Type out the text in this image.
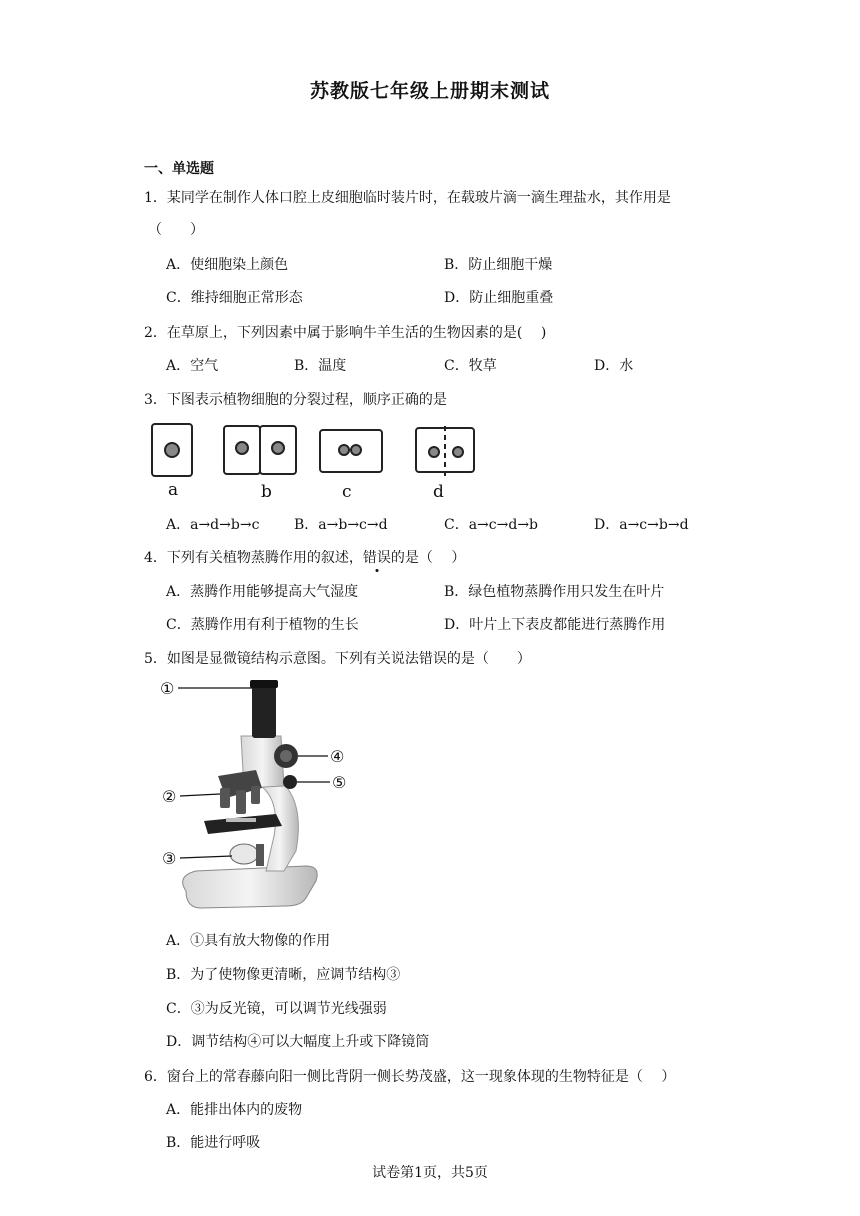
苏教版七年级上册期末测试
一、单选题
1．某同学在制作人体口腔上皮细胞临时装片时，在载玻片滴一滴生理盐水，其作用是
（　　）
A．使细胞染上颜色	B．防止细胞干燥
C．维持细胞正常形态	D．防止细胞重叠
2．在草原上，下列因素中属于影响牛羊生活的生物因素的是(　 )
A．空气	B．温度	C．牧草	D．水
3．下图表示植物细胞的分裂过程，顺序正确的是
a	b	c	d
A．a→d→b→c B．a→b→c→d	C．a→c→d→b	D．a→c→b→d
4．下列有关植物蒸腾作用的叙述，错误的是（　 ）
A．蒸腾作用能够提高大气湿度	B．绿色植物蒸腾作用只发生在叶片
C．蒸腾作用有利于植物的生长	D．叶片上下表皮都能进行蒸腾作用
5．如图是显微镜结构示意图。下列有关说法错误的是（　　）
①
②
③
④
⑤
A．①具有放大物像的作用
B．为了使物像更清晰，应调节结构③
C．③为反光镜，可以调节光线强弱
D．调节结构④可以大幅度上升或下降镜筒
6．窗台上的常春藤向阳一侧比背阴一侧长势茂盛，这一现象体现的生物特征是（　 ）
A．能排出体内的废物
B．能进行呼吸
试卷第1页，共5页
